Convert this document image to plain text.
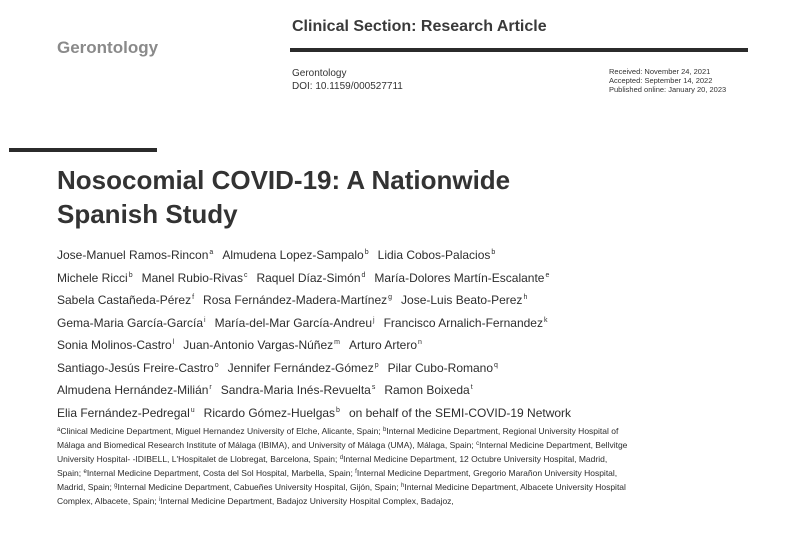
Gerontology
Clinical Section: Research Article
Gerontology
DOI: 10.1159/000527711
Received: November 24, 2021
Accepted: September 14, 2022
Published online: January 20, 2023
Nosocomial COVID-19: A Nationwide Spanish Study
Jose-Manuel Ramos-Rincon$^a$ Almudena Lopez-Sampalo$^b$ Lidia Cobos-Palacios$^b$
Michele Ricci$^b$ Manel Rubio-Rivas$^c$ Raquel Díaz-Simón$^d$ María-Dolores Martín-Escalante$^e$
Sabela Castañeda-Pérez$^f$ Rosa Fernández-Madera-Martínez$^g$ Jose-Luis Beato-Perez$^h$
Gema-Maria García-García$^i$ María-del-Mar García-Andreu$^j$ Francisco Arnalich-Fernandez$^k$
Sonia Molinos-Castro$^l$ Juan-Antonio Vargas-Núñez$^m$ Arturo Artero$^n$
Santiago-Jesús Freire-Castro$^o$ Jennifer Fernández-Gómez$^p$ Pilar Cubo-Romano$^q$
Almudena Hernández-Milián$^r$ Sandra-Maria Inés-Revuelta$^s$ Ramon Boixeda$^t$
Elia Fernández-Pedregal$^u$ Ricardo Gómez-Huelgas$^b$ on behalf of the SEMI-COVID-19 Network
$^a$Clinical Medicine Department, Miguel Hernandez University of Elche, Alicante, Spain; $^b$Internal Medicine Department, Regional University Hospital of Málaga and Biomedical Research Institute of Málaga (IBIMA), and University of Málaga (UMA), Málaga, Spain; $^c$Internal Medicine Department, Bellvitge University Hospital- -IDIBELL, L'Hospitalet de Llobregat, Barcelona, Spain; $^d$Internal Medicine Department, 12 Octubre University Hospital, Madrid, Spain; $^e$Internal Medicine Department, Costa del Sol Hospital, Marbella, Spain; $^f$Internal Medicine Department, Gregorio Marañon University Hospital, Madrid, Spain; $^g$Internal Medicine Department, Cabueñes University Hospital, Gijón, Spain; $^h$Internal Medicine Department, Albacete University Hospital Complex, Albacete, Spain; $^i$Internal Medicine Department, Badajoz University Hospital Complex, Badajoz,
